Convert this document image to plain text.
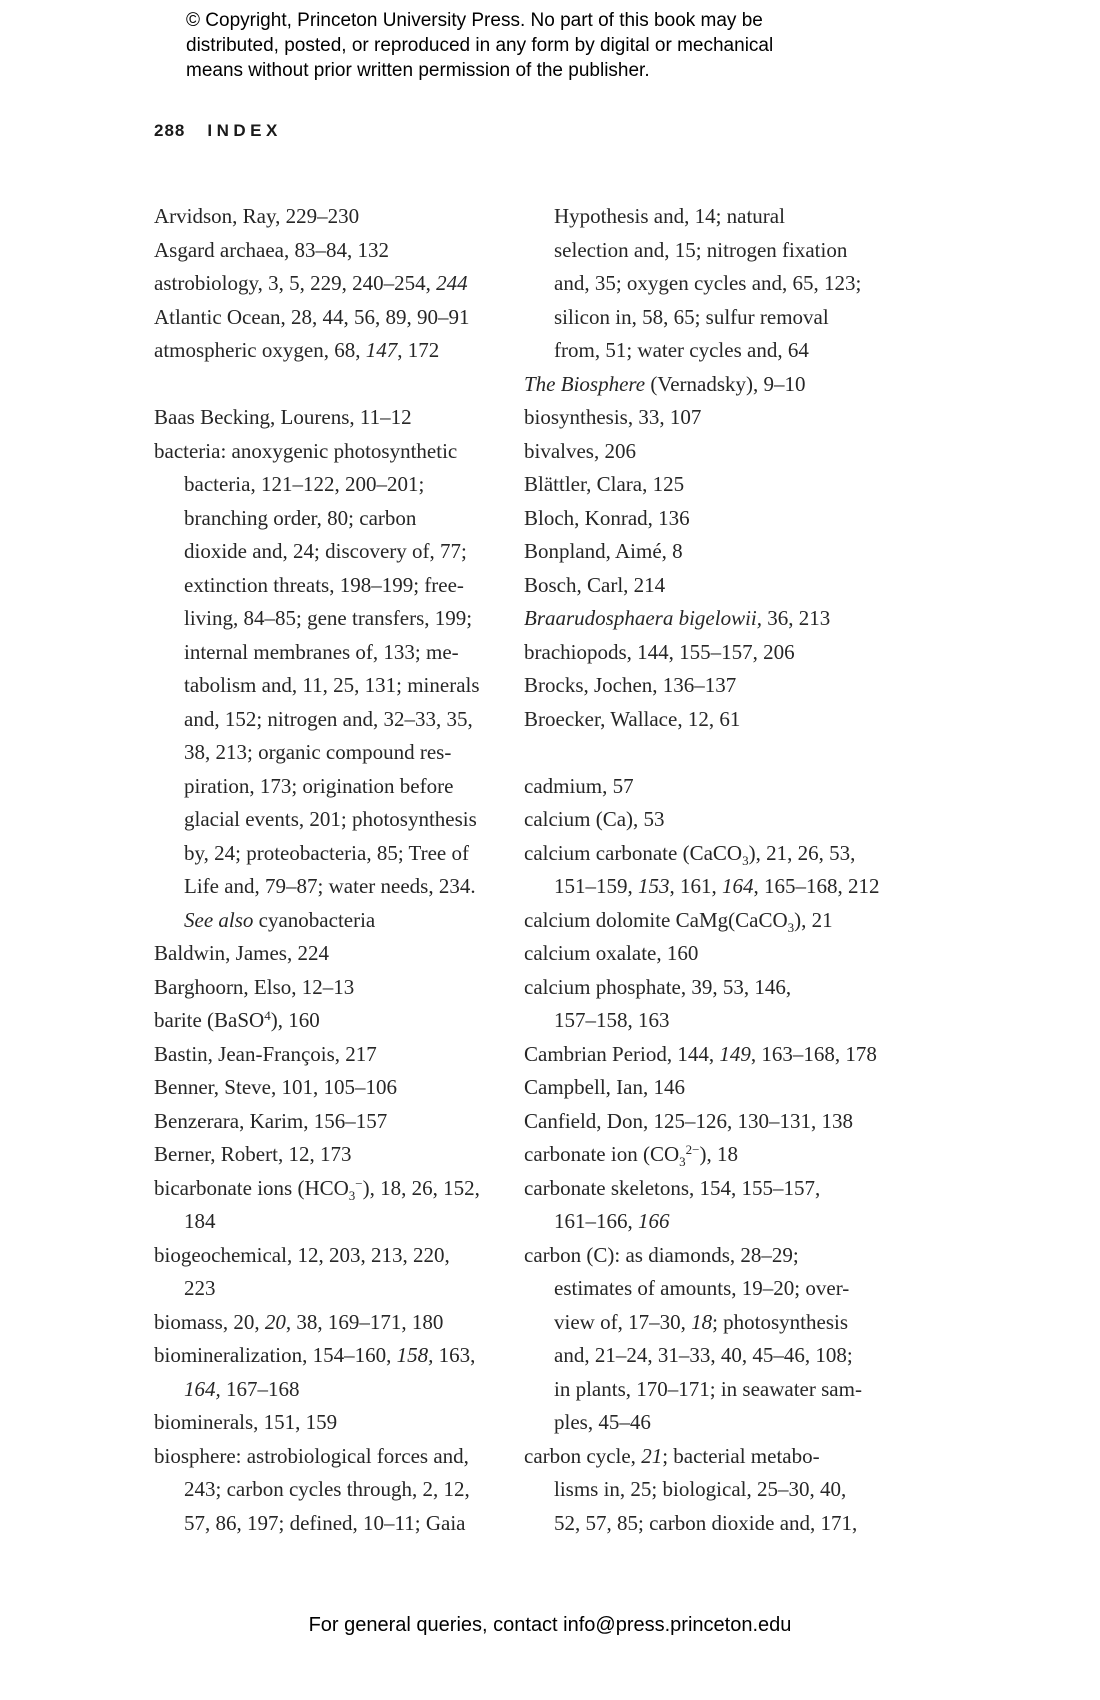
© Copyright, Princeton University Press. No part of this book may be
distributed, posted, or reproduced in any form by digital or mechanical
means without prior written permission of the publisher.
288 INDEX
Arvidson, Ray, 229–230
Asgard archaea, 83–84, 132
astrobiology, 3, 5, 229, 240–254, 244
Atlantic Ocean, 28, 44, 56, 89, 90–91
atmospheric oxygen, 68, 147, 172
Baas Becking, Lourens, 11–12
bacteria: anoxygenic photosynthetic
bacteria, 121–122, 200–201;
branching order, 80; carbon
dioxide and, 24; discovery of, 77;
extinction threats, 198–199; free-
living, 84–85; gene transfers, 199;
internal membranes of, 133; me-
tabolism and, 11, 25, 131; minerals
and, 152; nitrogen and, 32–33, 35,
38, 213; organic compound res-
piration, 173; origination before
glacial events, 201; photosynthesis
by, 24; proteobacteria, 85; Tree of
Life and, 79–87; water needs, 234.
See also cyanobacteria
Baldwin, James, 224
Barghoorn, Elso, 12–13
barite (BaSO$^4$), 160
Bastin, Jean-François, 217
Benner, Steve, 101, 105–106
Benzerara, Karim, 156–157
Berner, Robert, 12, 173
bicarbonate ions $(HCO_3^-)$, 18, 26, 152,
184
biogeochemical, 12, 203, 213, 220,
223
biomass, 20, 20, 38, 169–171, 180
biomineralization, 154–160, 158, 163,
164, 167–168
biominerals, 151, 159
biosphere: astrobiological forces and,
243; carbon cycles through, 2, 12,
57, 86, 197; defined, 10–11; Gaia
Hypothesis and, 14; natural
selection and, 15; nitrogen fixation
and, 35; oxygen cycles and, 65, 123;
silicon in, 58, 65; sulfur removal
from, 51; water cycles and, 64
The Biosphere (Vernadsky), 9–10
biosynthesis, 33, 107
bivalves, 206
Blättler, Clara, 125
Bloch, Konrad, 136
Bonpland, Aimé, 8
Bosch, Carl, 214
Braarudosphaera bigelowii, 36, 213
brachiopods, 144, 155–157, 206
Brocks, Jochen, 136–137
Broecker, Wallace, 12, 61
cadmium, 57
calcium (Ca), 53
calcium carbonate (CaCO$_3$), 21, 26, 53,
151–159, 153, 161, 164, 165–168, 212
calcium dolomite CaMg(CaCO$_3$), 21
calcium oxalate, 160
calcium phosphate, 39, 53, 146,
157–158, 163
Cambrian Period, 144, 149, 163–168, 178
Campbell, Ian, 146
Canfield, Don, 125–126, 130–131, 138
carbonate ion $(CO_3^{2-})$, 18
carbonate skeletons, 154, 155–157,
161–166, 166
carbon (C): as diamonds, 28–29;
estimates of amounts, 19–20; over-
view of, 17–30, 18; photosynthesis
and, 21–24, 31–33, 40, 45–46, 108;
in plants, 170–171; in seawater sam-
ples, 45–46
carbon cycle, 21; bacterial metabo-
lisms in, 25; biological, 25–30, 40,
52, 57, 85; carbon dioxide and, 171,
For general queries, contact info@press.princeton.edu
